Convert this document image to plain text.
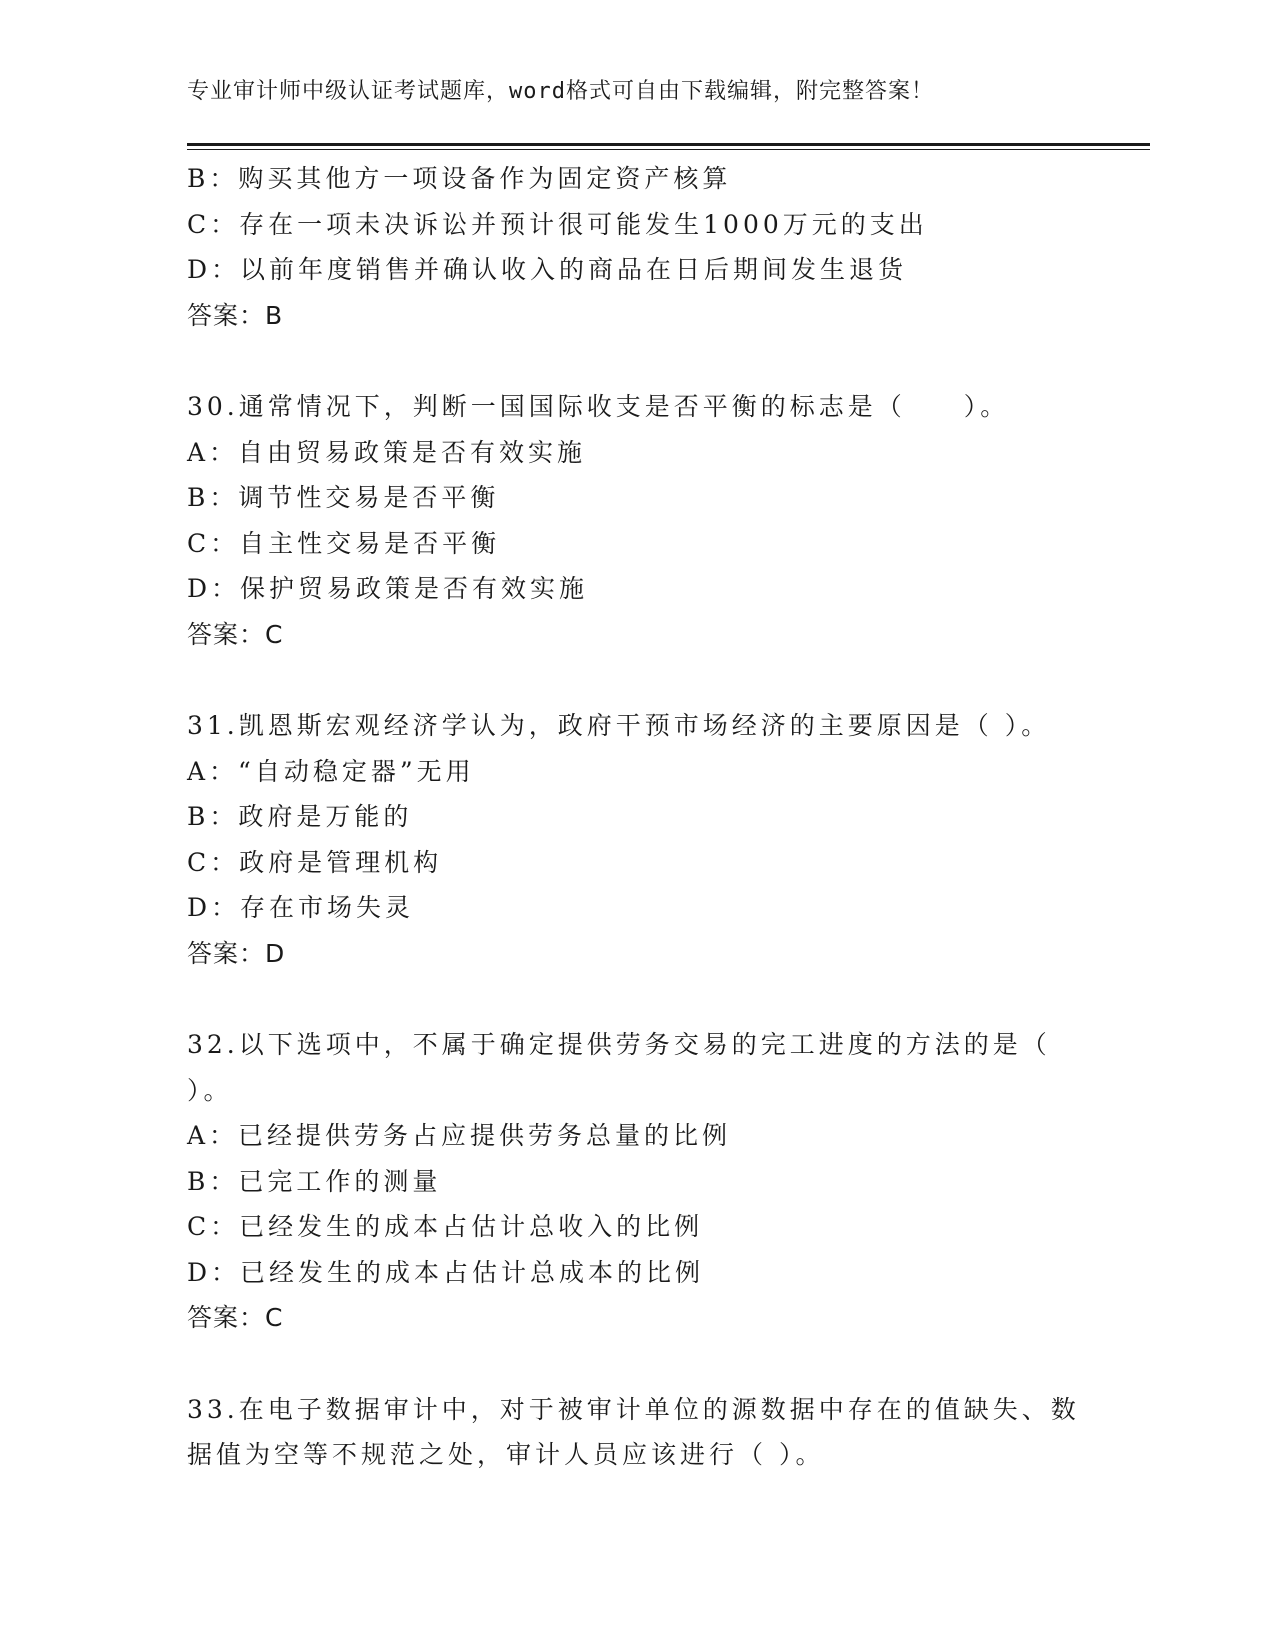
专业审计师中级认证考试题库，word格式可自由下载编辑，附完整答案！
B：购买其他方一项设备作为固定资产核算
C：存在一项未决诉讼并预计很可能发生1000万元的支出
D：以前年度销售并确认收入的商品在日后期间发生退货
答案：B
30.通常情况下，判断一国国际收支是否平衡的标志是（　　）。
A：自由贸易政策是否有效实施
B：调节性交易是否平衡
C：自主性交易是否平衡
D：保护贸易政策是否有效实施
答案：C
31.凯恩斯宏观经济学认为，政府干预市场经济的主要原因是（ ）。
A：“自动稳定器”无用
B：政府是万能的
C：政府是管理机构
D：存在市场失灵
答案：D
32.以下选项中，不属于确定提供劳务交易的完工进度的方法的是（
）。
A：已经提供劳务占应提供劳务总量的比例
B：已完工作的测量
C：已经发生的成本占估计总收入的比例
D：已经发生的成本占估计总成本的比例
答案：C
33.在电子数据审计中，对于被审计单位的源数据中存在的值缺失、数
据值为空等不规范之处，审计人员应该进行（ ）。
